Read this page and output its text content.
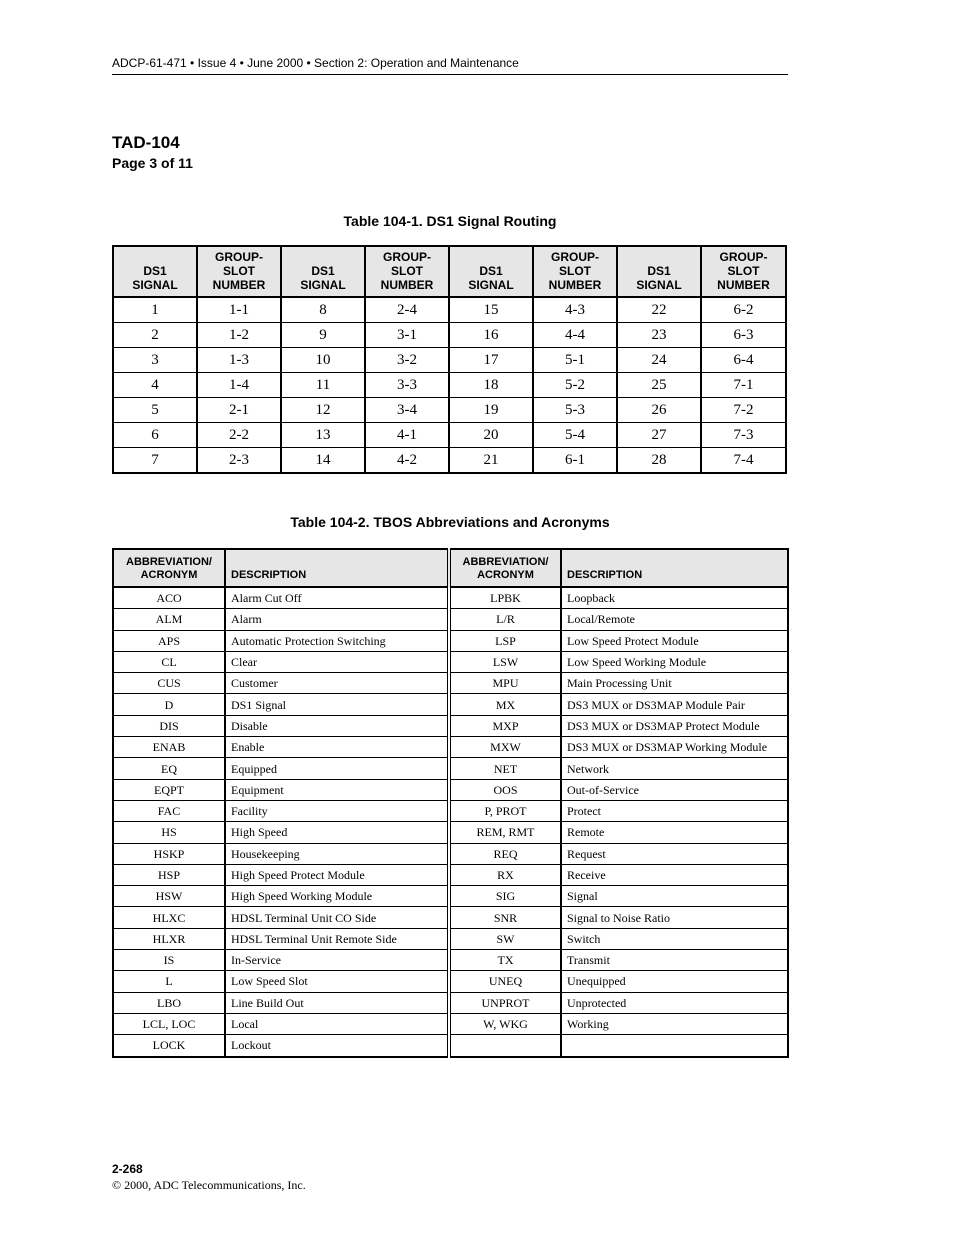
ADCP-61-471 • Issue 4 • June 2000 • Section 2: Operation and Maintenance
TAD-104
Page 3 of 11
Table 104-1. DS1 Signal Routing
DS1
SIGNAL	GROUP-
SLOT
NUMBER	DS1
SIGNAL	GROUP-
SLOT
NUMBER	DS1
SIGNAL	GROUP-
SLOT
NUMBER	DS1
SIGNAL	GROUP-
SLOT
NUMBER
1	1-1	8	2-4	15	4-3	22	6-2
2	1-2	9	3-1	16	4-4	23	6-3
3	1-3	10	3-2	17	5-1	24	6-4
4	1-4	11	3-3	18	5-2	25	7-1
5	2-1	12	3-4	19	5-3	26	7-2
6	2-2	13	4-1	20	5-4	27	7-3
7	2-3	14	4-2	21	6-1	28	7-4
Table 104-2. TBOS Abbreviations and Acronyms
ABBREVIATION/
ACRONYM	DESCRIPTION	ABBREVIATION/
ACRONYM	DESCRIPTION
ACO	Alarm Cut Off	LPBK	Loopback
ALM	Alarm	L/R	Local/Remote
APS	Automatic Protection Switching	LSP	Low Speed Protect Module
CL	Clear	LSW	Low Speed Working Module
CUS	Customer	MPU	Main Processing Unit
D	DS1 Signal	MX	DS3 MUX or DS3MAP Module Pair
DIS	Disable	MXP	DS3 MUX or DS3MAP Protect Module
ENAB	Enable	MXW	DS3 MUX or DS3MAP Working Module
EQ	Equipped	NET	Network
EQPT	Equipment	OOS	Out-of-Service
FAC	Facility	P, PROT	Protect
HS	High Speed	REM, RMT	Remote
HSKP	Housekeeping	REQ	Request
HSP	High Speed Protect Module	RX	Receive
HSW	High Speed Working Module	SIG	Signal
HLXC	HDSL Terminal Unit CO Side	SNR	Signal to Noise Ratio
HLXR	HDSL Terminal Unit Remote Side	SW	Switch
IS	In-Service	TX	Transmit
L	Low Speed Slot	UNEQ	Unequipped
LBO	Line Build Out	UNPROT	Unprotected
LCL, LOC	Local	W, WKG	Working
LOCK	Lockout		
2-268
© 2000, ADC Telecommunications, Inc.
